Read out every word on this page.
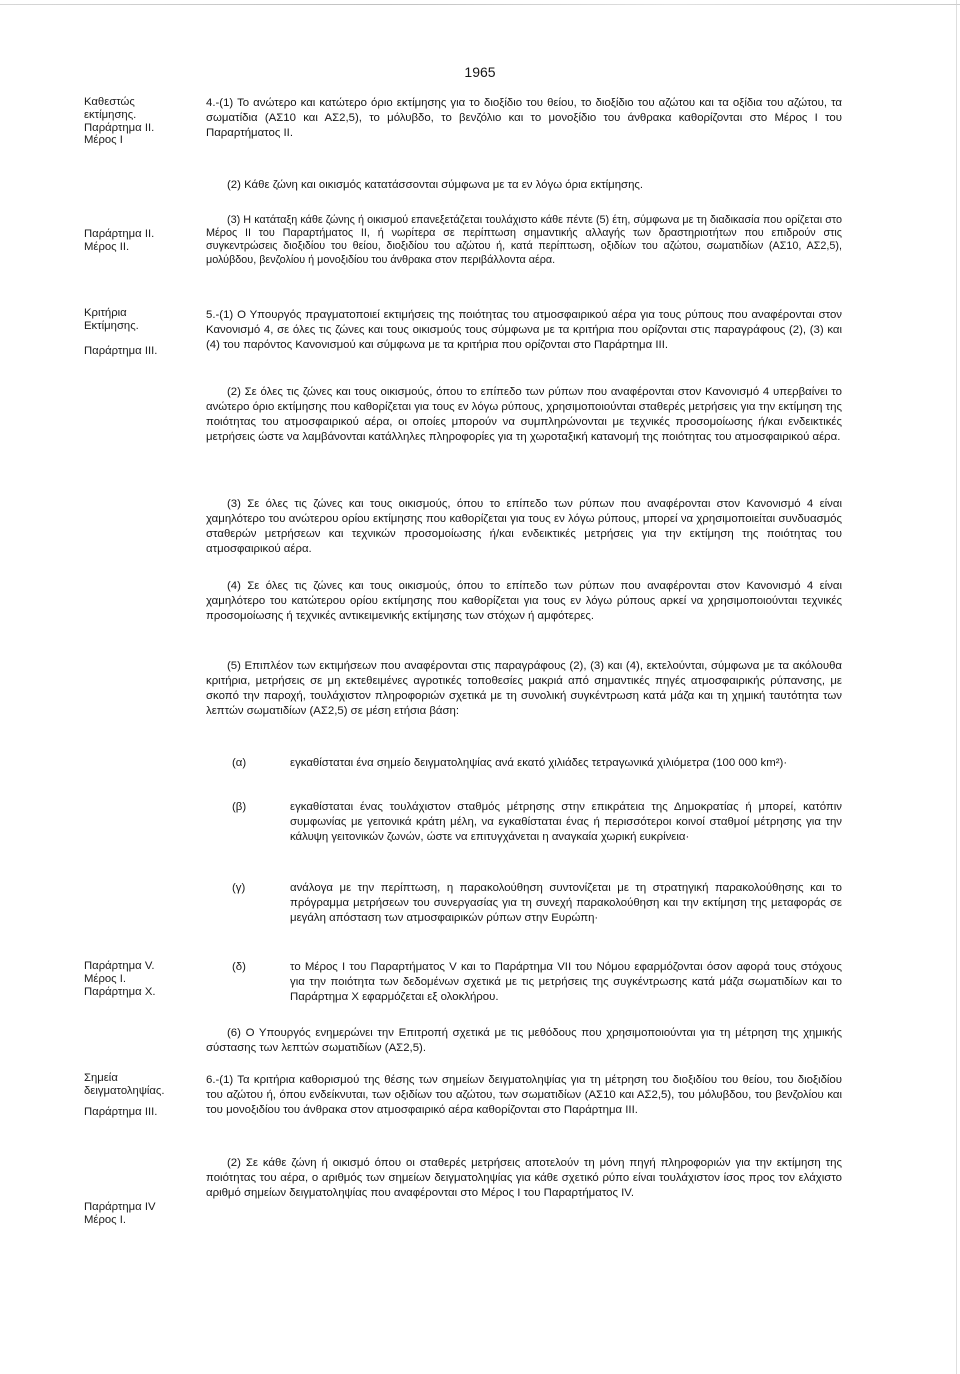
1965
Καθεστώς
εκτίμησης.
Παράρτημα ΙΙ.
Μέρος Ι
Παράρτημα ΙΙ.
Μέρος ΙΙ.
Κριτήρια
Εκτίμησης.
Παράρτημα ΙΙΙ.
Παράρτημα V.
Μέρος Ι.
Παράρτημα Χ.
Σημεία
δειγματοληψίας.
Παράρτημα ΙΙΙ.
Παράρτημα IV
Μέρος Ι.
4.-(1) Το ανώτερο και κατώτερο όριο εκτίμησης για το διοξίδιο του θείου, το διοξίδιο του αζώτου και τα οξίδια του αζώτου, τα σωματίδια (ΑΣ10 και ΑΣ2,5), το μόλυβδο, το βενζόλιο και το μονοξίδιο του άνθρακα καθορίζονται στο Μέρος Ι του Παραρτήματος ΙΙ.
(2) Κάθε ζώνη και οικισμός κατατάσσονται σύμφωνα με τα εν λόγω όρια εκτίμησης.
(3) Η κατάταξη κάθε ζώνης ή οικισμού επανεξετάζεται τουλάχιστο κάθε πέντε (5) έτη, σύμφωνα με τη διαδικασία που ορίζεται στο Μέρος ΙΙ του Παραρτήματος ΙΙ, ή νωρίτερα σε περίπτωση σημαντικής αλλαγής των δραστηριοτήτων που επιδρούν στις συγκεντρώσεις διοξιδίου του θείου, διοξιδίου του αζώτου ή, κατά περίπτωση, οξιδίων του αζώτου, σωματιδίων (ΑΣ10, ΑΣ2,5), μολύβδου, βενζολίου ή μονοξιδίου του άνθρακα στον περιβάλλοντα αέρα.
5.-(1) Ο Υπουργός πραγματοποιεί εκτιμήσεις της ποιότητας του ατμοσφαιρικού αέρα για τους ρύπους που αναφέρονται στον Κανονισμό 4, σε όλες τις ζώνες και τους οικισμούς τους σύμφωνα με τα κριτήρια που ορίζονται στις παραγράφους (2), (3) και (4) του παρόντος Κανονισμού και σύμφωνα με τα κριτήρια που ορίζονται στο Παράρτημα ΙΙΙ.
(2) Σε όλες τις ζώνες και τους οικισμούς, όπου το επίπεδο των ρύπων που αναφέρονται στον Κανονισμό 4 υπερβαίνει το ανώτερο όριο εκτίμησης που καθορίζεται για τους εν λόγω ρύπους, χρησιμοποιούνται σταθερές μετρήσεις για την εκτίμηση της ποιότητας του ατμοσφαιρικού αέρα, οι οποίες μπορούν να συμπληρώνονται με τεχνικές προσομοίωσης ή/και ενδεικτικές μετρήσεις ώστε να λαμβάνονται κατάλληλες πληροφορίες για τη χωροταξική κατανομή της ποιότητας του ατμοσφαιρικού αέρα.
(3) Σε όλες τις ζώνες και τους οικισμούς, όπου το επίπεδο των ρύπων που αναφέρονται στον Κανονισμό 4 είναι χαμηλότερο του ανώτερου ορίου εκτίμησης που καθορίζεται για τους εν λόγω ρύπους, μπορεί να χρησιμοποιείται συνδυασμός σταθερών μετρήσεων και τεχνικών προσομοίωσης ή/και ενδεικτικές μετρήσεις για την εκτίμηση της ποιότητας του ατμοσφαιρικού αέρα.
(4) Σε όλες τις ζώνες και τους οικισμούς, όπου το επίπεδο των ρύπων που αναφέρονται στον Κανονισμό 4 είναι χαμηλότερο του κατώτερου ορίου εκτίμησης που καθορίζεται για τους εν λόγω ρύπους αρκεί να χρησιμοποιούνται τεχνικές προσομοίωσης ή τεχνικές αντικειμενικής εκτίμησης των στόχων ή αμφότερες.
(5) Επιπλέον των εκτιμήσεων που αναφέρονται στις παραγράφους (2), (3) και (4), εκτελούνται, σύμφωνα με τα ακόλουθα κριτήρια, μετρήσεις σε μη εκτεθειμένες αγροτικές τοποθεσίες μακριά από σημαντικές πηγές ατμοσφαιρικής ρύπανσης, με σκοπό την παροχή, τουλάχιστον πληροφοριών σχετικά με τη συνολική συγκέντρωση κατά μάζα και τη χημική ταυτότητα των λεπτών σωματιδίων (ΑΣ2,5) σε μέση ετήσια βάση:
(α)	εγκαθίσταται ένα σημείο δειγματοληψίας ανά εκατό χιλιάδες τετραγωνικά χιλιόμετρα (100 000 km²)·
(β)	εγκαθίσταται ένας τουλάχιστον σταθμός μέτρησης στην επικράτεια της Δημοκρατίας ή μπορεί, κατόπιν συμφωνίας με γειτονικά κράτη μέλη, να εγκαθίσταται ένας ή περισσότεροι κοινοί σταθμοί μέτρησης για την κάλυψη γειτονικών ζωνών, ώστε να επιτυγχάνεται η αναγκαία χωρική ευκρίνεια·
(γ)	ανάλογα με την περίπτωση, η παρακολούθηση συντονίζεται με τη στρατηγική παρακολούθησης και το πρόγραμμα μετρήσεων του συνεργασίας για τη συνεχή παρακολούθηση και την εκτίμηση της μεταφοράς σε μεγάλη απόσταση των ατμοσφαιρικών ρύπων στην Ευρώπη·
(δ)	το Μέρος Ι του Παραρτήματος V και το Παράρτημα VII του Νόμου εφαρμόζονται όσον αφορά τους στόχους για την ποιότητα των δεδομένων σχετικά με τις μετρήσεις της συγκέντρωσης κατά μάζα σωματιδίων και το Παράρτημα Χ εφαρμόζεται εξ ολοκλήρου.
(6) Ο Υπουργός ενημερώνει την Επιτροπή σχετικά με τις μεθόδους που χρησιμοποιούνται για τη μέτρηση της χημικής σύστασης των λεπτών σωματιδίων (ΑΣ2,5).
6.-(1) Τα κριτήρια καθορισμού της θέσης των σημείων δειγματοληψίας για τη μέτρηση του διοξιδίου του θείου, του διοξιδίου του αζώτου ή, όπου ενδείκνυται, των οξιδίων του αζώτου, των σωματιδίων (ΑΣ10 και ΑΣ2,5), του μόλυβδου, του βενζολίου και του μονοξιδίου του άνθρακα στον ατμοσφαιρικό αέρα καθορίζονται στο Παράρτημα ΙΙΙ.
(2) Σε κάθε ζώνη ή οικισμό όπου οι σταθερές μετρήσεις αποτελούν τη μόνη πηγή πληροφοριών για την εκτίμηση της ποιότητας του αέρα, ο αριθμός των σημείων δειγματοληψίας για κάθε σχετικό ρύπο είναι τουλάχιστον ίσος προς τον ελάχιστο αριθμό σημείων δειγματοληψίας που αναφέρονται στο Μέρος Ι του Παραρτήματος IV.
